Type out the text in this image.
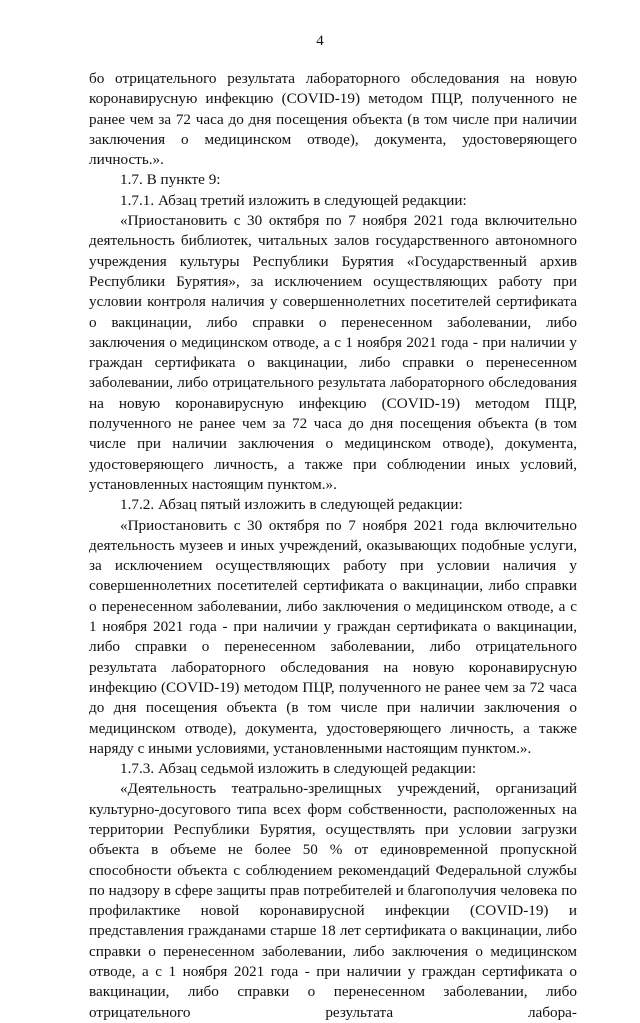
4

бо отрицательного результата лабораторного обследования на новую коронавирусную инфекцию (COVID-19) методом ПЦР, полученного не ранее чем за 72 часа до дня посещения объекта (в том числе при наличии заключения о медицинском отводе), документа, удостоверяющего личность.».

1.7. В пункте 9:

1.7.1. Абзац третий изложить в следующей редакции:

«Приостановить с 30 октября по 7 ноября 2021 года включительно деятельность библиотек, читальных залов государственного автономного учреждения культуры Республики Бурятия «Государственный архив Республики Бурятия», за исключением осуществляющих работу при условии контроля наличия у совершеннолетних посетителей сертификата о вакцинации, либо справки о перенесенном заболевании, либо заключения о медицинском отводе, а с 1 ноября 2021 года - при наличии у граждан сертификата о вакцинации, либо справки о перенесенном заболевании, либо отрицательного результата лабораторного обследования на новую коронавирусную инфекцию (COVID-19) методом ПЦР, полученного не ранее чем за 72 часа до дня посещения объекта (в том числе при наличии заключения о медицинском отводе), документа, удостоверяющего личность, а также при соблюдении иных условий, установленных настоящим пунктом.».

1.7.2. Абзац пятый изложить в следующей редакции:

«Приостановить с 30 октября по 7 ноября 2021 года включительно деятельность музеев и иных учреждений, оказывающих подобные услуги, за исключением осуществляющих работу при условии наличия у совершеннолетних посетителей сертификата о вакцинации, либо справки о перенесенном заболевании, либо заключения о медицинском отводе, а с 1 ноября 2021 года - при наличии у граждан сертификата о вакцинации, либо справки о перенесенном заболевании, либо отрицательного результата лабораторного обследования на новую коронавирусную инфекцию (COVID-19) методом ПЦР, полученного не ранее чем за 72 часа до дня посещения объекта (в том числе при наличии заключения о медицинском отводе), документа, удостоверяющего личность, а также наряду с иными условиями, установленными настоящим пунктом.».

1.7.3. Абзац седьмой изложить в следующей редакции:

«Деятельность театрально-зрелищных учреждений, организаций культурно-досугового типа всех форм собственности, расположенных на территории Республики Бурятия, осуществлять при условии загрузки объекта в объеме не более 50 % от единовременной пропускной способности объекта с соблюдением рекомендаций Федеральной службы по надзору в сфере защиты прав потребителей и благополучия человека по профилактике новой коронавирусной инфекции (COVID-19) и представления гражданами старше 18 лет сертификата о вакцинации, либо справки о перенесенном заболевании, либо заключения о медицинском отводе, а с 1 ноября 2021 года - при наличии у граждан сертификата о вакцинации, либо справки о перенесенном заболевании, либо отрицательного результата лабора-
